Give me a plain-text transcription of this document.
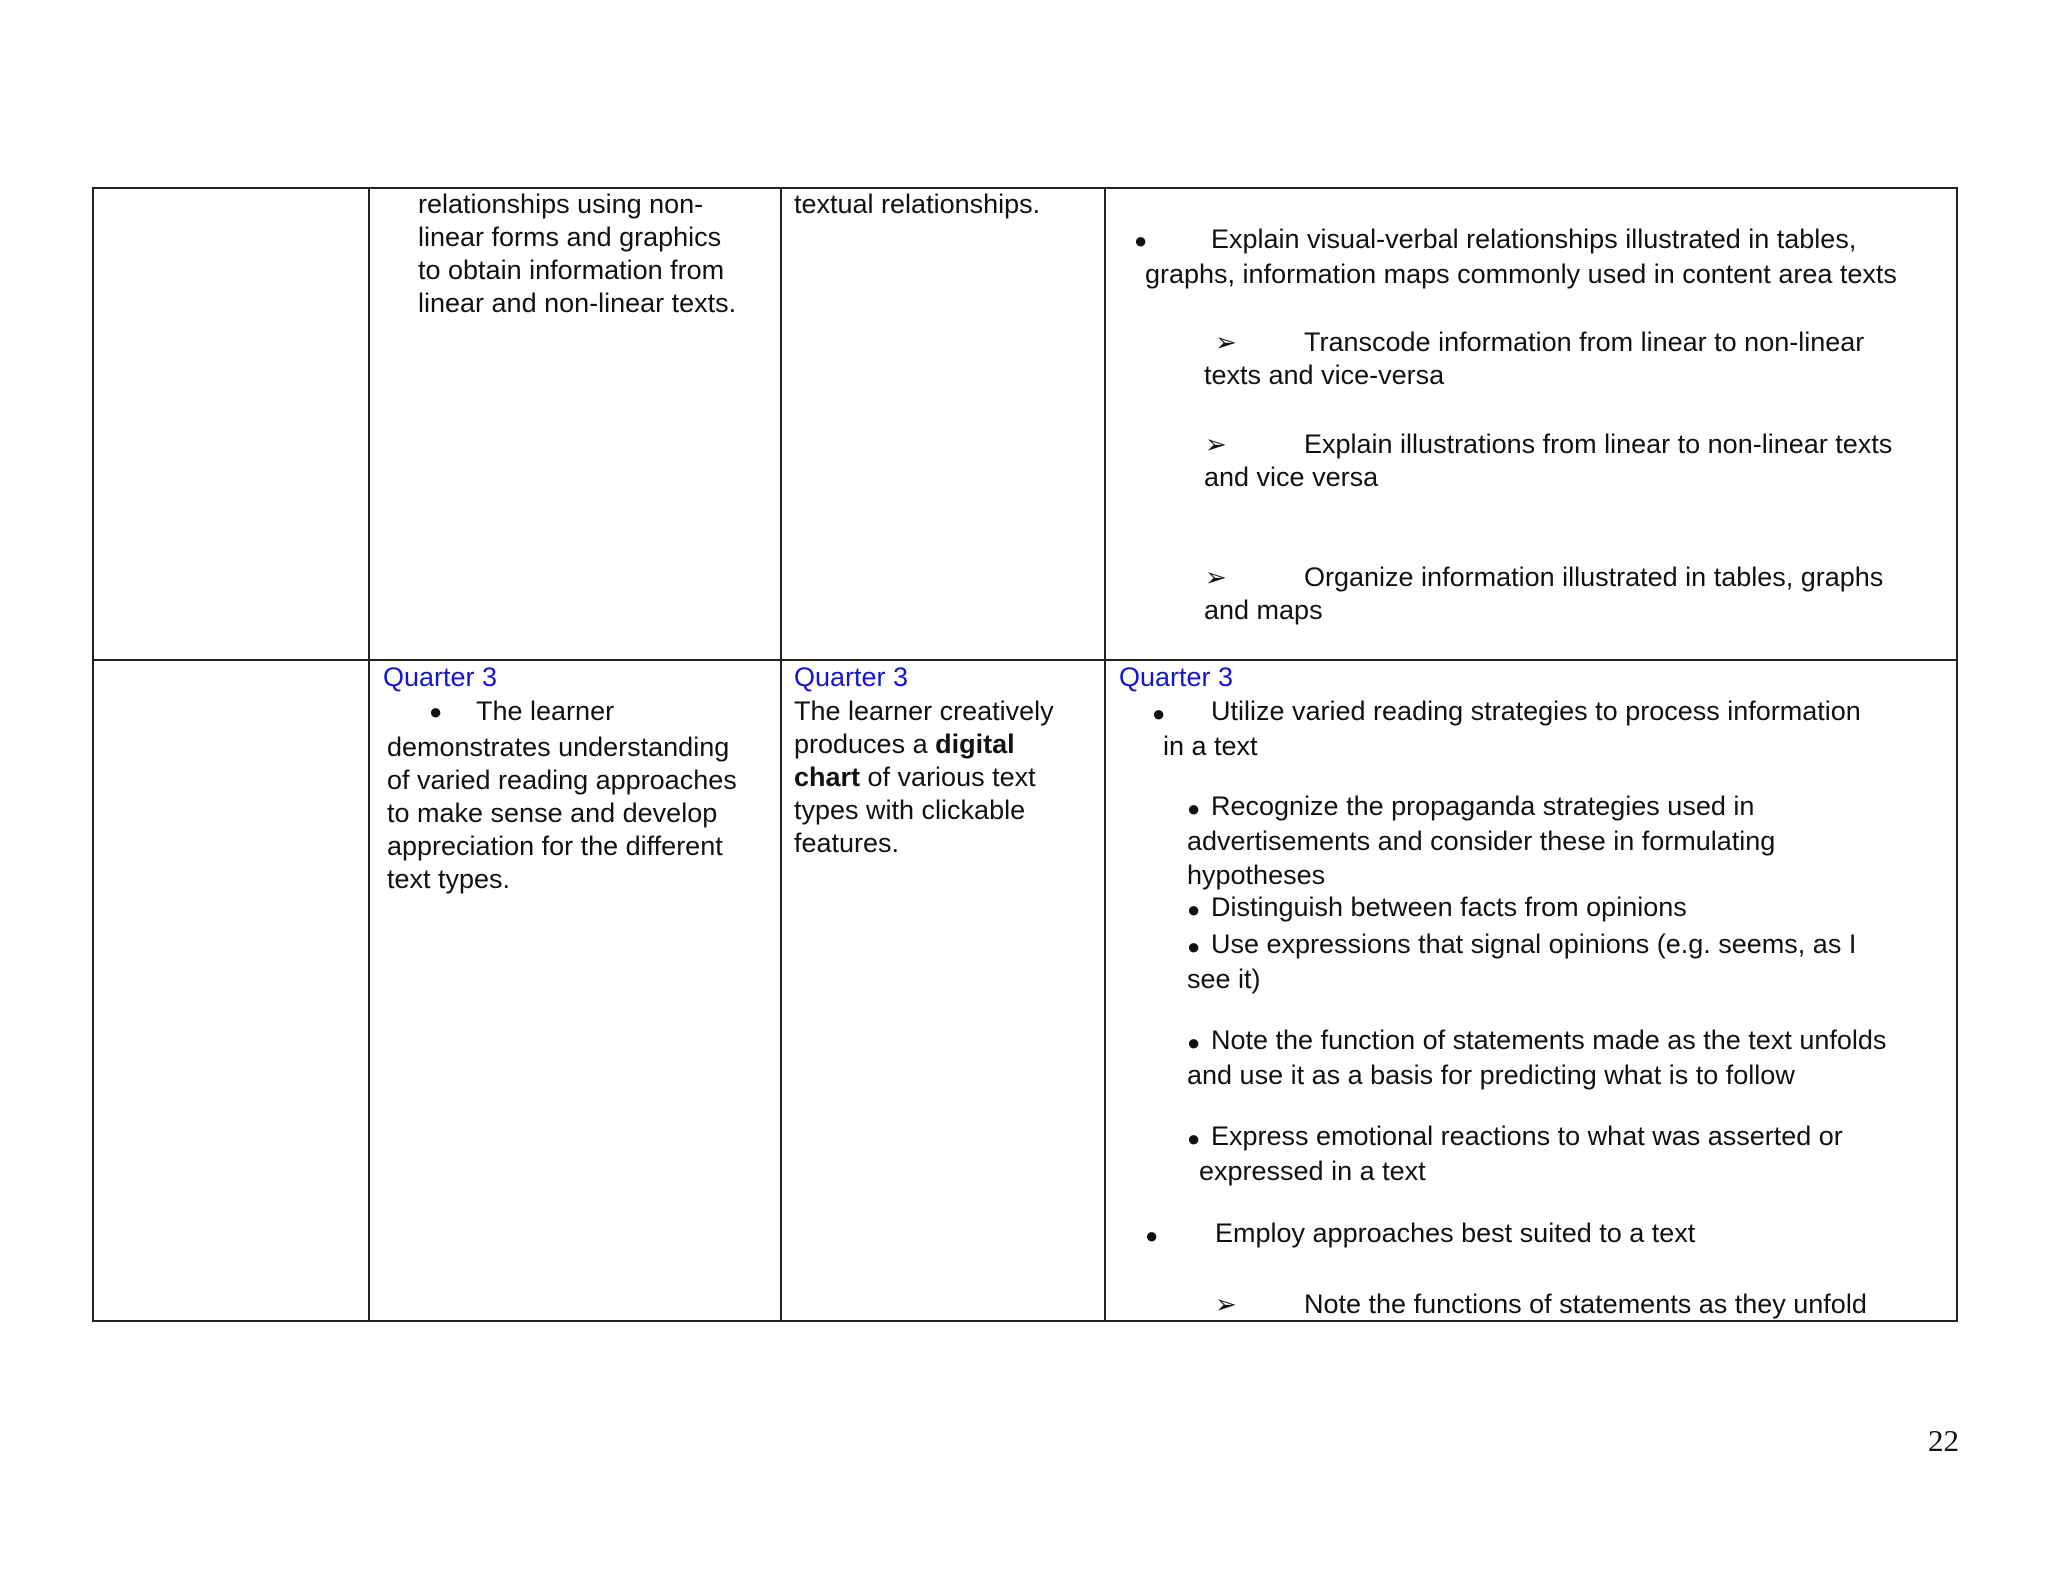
relationships using non-
linear forms and graphics
to obtain information from
linear and non-linear texts.
textual relationships.
● Explain visual-verbal relationships illustrated in tables,
graphs, information maps commonly used in content area texts
➢ Transcode information from linear to non-linear
texts and vice-versa
➢	Explain illustrations from linear to non-linear texts
and vice versa
➢	Organize information illustrated in tables, graphs
and maps
Quarter 3
● The learner
demonstrates understanding
of varied reading approaches
to make sense and develop
appreciation for the different
text types.
Quarter 3
The learner creatively
produces a digital
chart of various text
types with clickable
features.
Quarter 3
● Utilize varied reading strategies to process information
in a text
● Recognize the propaganda strategies used in
advertisements and consider these in formulating
hypotheses
● Distinguish between facts from opinions
● Use expressions that signal opinions (e.g. seems, as I
see it)
● Note the function of statements made as the text unfolds
and use it as a basis for predicting what is to follow
● Express emotional reactions to what was asserted or
expressed in a text
● Employ approaches best suited to a text
➢ Note the functions of statements as they unfold
22
